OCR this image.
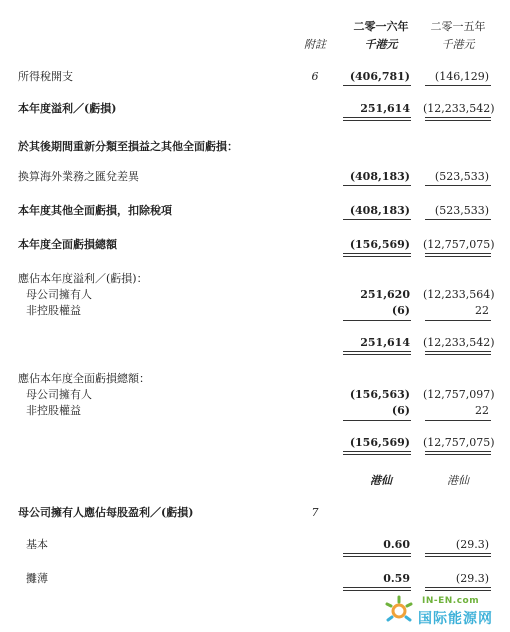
二零一六年	二零一五年
附註	千港元	千港元
所得稅開支	6	(406,781)	(146,129)
本年度溢利／(虧損)	251,614 (12,233,542)
於其後期間重新分類至損益之其他全面虧損：
換算海外業務之匯兌差異	(408,183)	(523,533)
本年度其他全面虧損，扣除稅項	(408,183)	(523,533)
本年度全面虧損總額	(156,569) (12,757,075)
應佔本年度溢利／(虧損)：
母公司擁有人	251,620 (12,233,564)
非控股權益	(6)	22
251,614 (12,233,542)
應佔本年度全面虧損總額：
母公司擁有人	(156,563) (12,757,097)
非控股權益	(6)	22
(156,569) (12,757,075)
港仙	港仙
母公司擁有人應佔每股盈利／(虧損)	7
基本	0.60	(29.3)
攤薄	0.59	(29.3)
IN-EN.com
国际能源网
